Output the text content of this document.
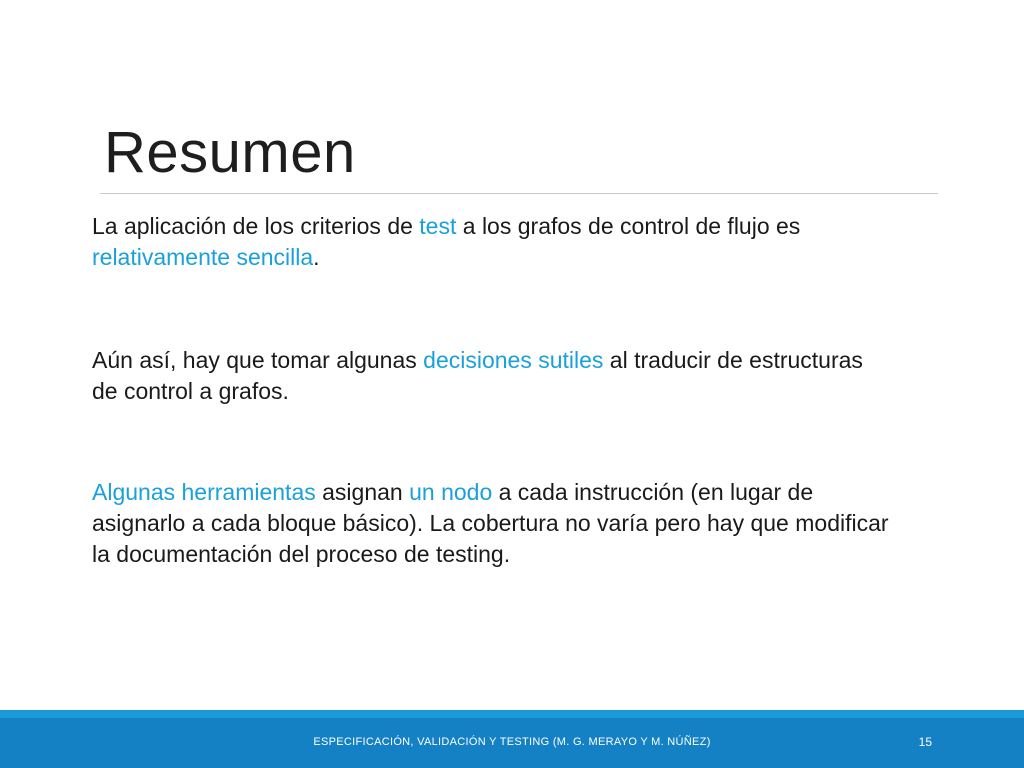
Resumen

La aplicación de los criterios de test a los grafos de control de flujo es relativamente sencilla.

Aún así, hay que tomar algunas decisiones sutiles al traducir de estructuras de control a grafos.

Algunas herramientas asignan un nodo a cada instrucción (en lugar de asignarlo a cada bloque básico). La cobertura no varía pero hay que modificar la documentación del proceso de testing.

ESPECIFICACIÓN, VALIDACIÓN Y TESTING (M. G. MERAYO Y M. NÚÑEZ)	15
